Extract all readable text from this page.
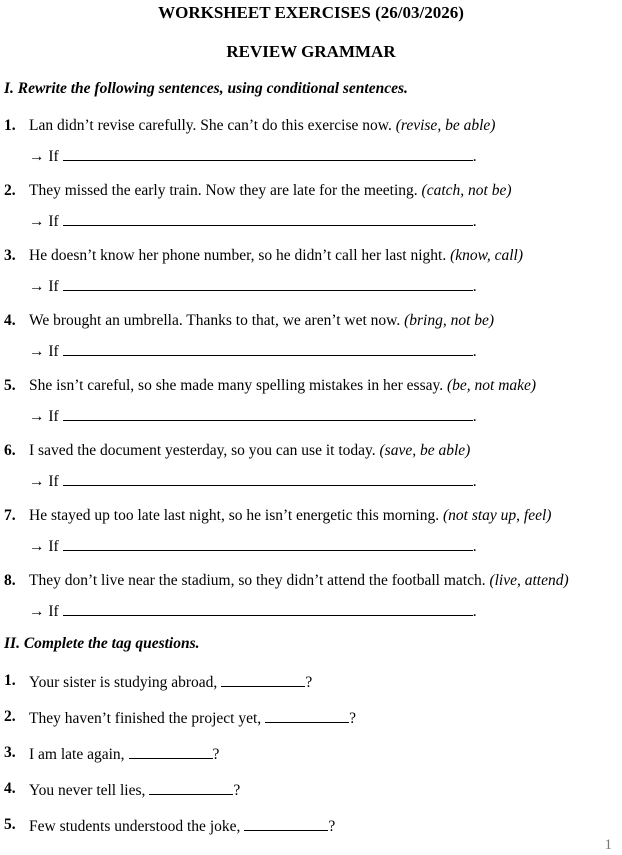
WORKSHEET EXERCISES (26/03/2026)
REVIEW GRAMMAR
I. Rewrite the following sentences, using conditional sentences.
1. Lan didn’t revise carefully. She can’t do this exercise now. (revise, be able)
→ If	.
2. They missed the early train. Now they are late for the meeting. (catch, not be)
→ If	.
3. He doesn’t know her phone number, so he didn’t call her last night. (know, call)
→ If	.
4. We brought an umbrella. Thanks to that, we aren’t wet now. (bring, not be)
→ If	.
5. She isn’t careful, so she made many spelling mistakes in her essay. (be, not make)
→ If	.
6. I saved the document yesterday, so you can use it today. (save, be able)
→ If	.
7. He stayed up too late last night, so he isn’t energetic this morning. (not stay up, feel)
→ If	.
8. They don’t live near the stadium, so they didn’t attend the football match. (live, attend)
→ If	.
II. Complete the tag questions.
1. Your sister is studying abroad,	?
2. They haven’t finished the project yet,	?
3. I am late again,	?
4. You never tell lies,	?
5. Few students understood the joke,	?
1
